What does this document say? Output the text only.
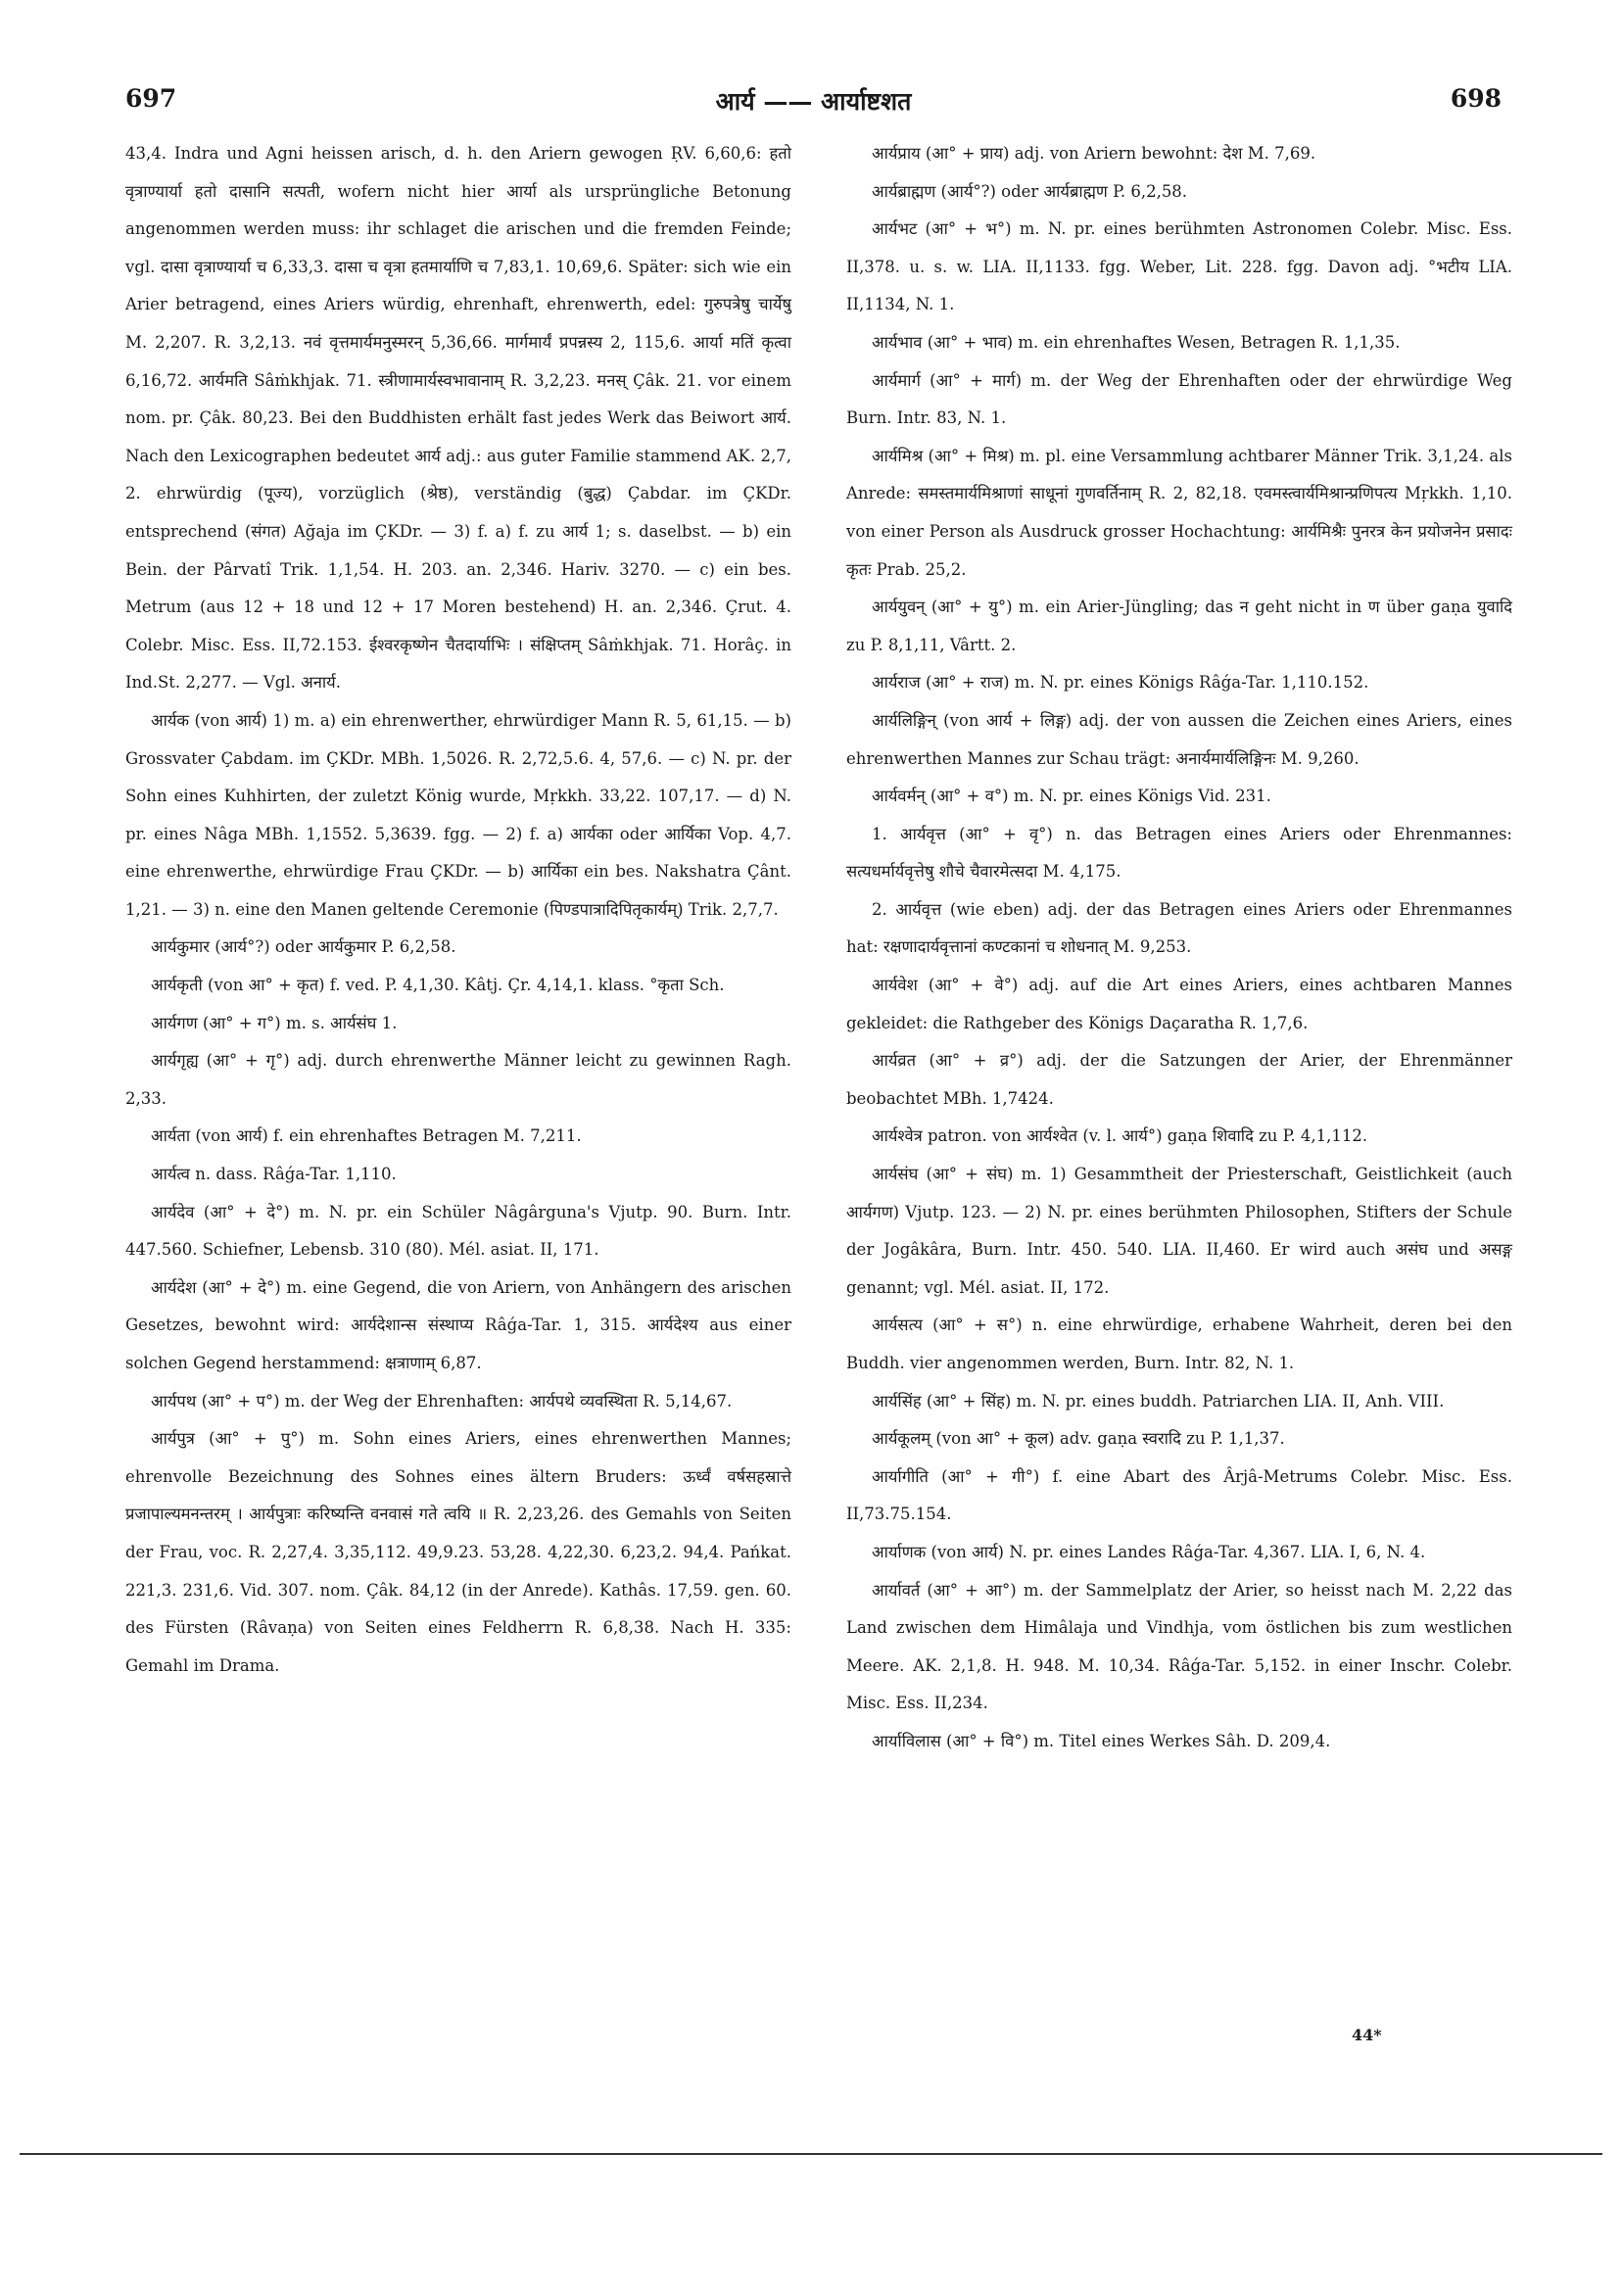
697	आर्य —— आर्याष्टशत	698

43,4. Indra und Agni heissen arisch, d. h. den Ariern gewogen ṚV. 6,60,6: हतो वृत्राण्यार्या हतो दासानि सत्पती, wofern nicht hier आर्या als ursprüngliche Betonung angenommen werden muss: ihr schlaget die arischen und die fremden Feinde; vgl. दासा वृत्राण्यार्या च 6,33,3. दासा च वृत्रा हतमार्याणि च 7,83,1. 10,69,6. Später: sich wie ein Arier betragend, eines Ariers würdig, ehrenhaft, ehrenwerth, edel: गुरुपत्रेषु चार्येषु M. 2,207. R. 3,2,13. नवं वृत्तमार्यमनुस्मरन् 5,36,66. मार्गमार्यं प्रपन्नस्य 2, 115,6. आर्या मतिं कृत्वा 6,16,72. आर्यमति Sâṁkhjak. 71. स्त्रीणामार्यस्वभावानाम् R. 3,2,23. मनस् Çâk. 21. vor einem nom. pr. Çâk. 80,23. Bei den Buddhisten erhält fast jedes Werk das Beiwort आर्य. Nach den Lexicographen bedeutet आर्य adj.: aus guter Familie stammend AK. 2,7, 2. ehrwürdig (पूज्य), vorzüglich (श्रेष्ठ), verständig (बुद्ध) Çabdar. im ÇKDr. entsprechend (संगत) Ağaja im ÇKDr. — 3) f. a) f. zu आर्य 1; s. daselbst. — b) ein Bein. der Pârvatî Trik. 1,1,54. H. 203. an. 2,346. Hariv. 3270. — c) ein bes. Metrum (aus 12 + 18 und 12 + 17 Moren bestehend) H. an. 2,346. Çrut. 4. Colebr. Misc. Ess. II,72.153. ईश्वरकृष्णेन चैतदार्याभिः । संक्षिप्तम् Sâṁkhjak. 71. Horâç. in Ind.St. 2,277. — Vgl. अनार्य.

आर्यक (von आर्य) 1) m. a) ein ehrenwerther, ehrwürdiger Mann R. 5, 61,15. — b) Grossvater Çabdam. im ÇKDr. MBh. 1,5026. R. 2,72,5.6. 4, 57,6. — c) N. pr. der Sohn eines Kuhhirten, der zuletzt König wurde, Mṛkkh. 33,22. 107,17. — d) N. pr. eines Nâga MBh. 1,1552. 5,3639. fgg. — 2) f. a) आर्यका oder आर्यिका Vop. 4,7. eine ehrenwerthe, ehrwürdige Frau ÇKDr. — b) आर्यिका ein bes. Nakshatra Çânt. 1,21. — 3) n. eine den Manen geltende Ceremonie (पिण्डपात्रादिपितृकार्यम्) Trik. 2,7,7.

आर्यकुमार (आर्य°?) oder आर्यकुमार P. 6,2,58.

आर्यकृती (von आ° + कृत) f. ved. P. 4,1,30. Kâtj. Çr. 4,14,1. klass. °कृता Sch.

आर्यगण (आ° + ग°) m. s. आर्यसंघ 1.

आर्यगृह्य (आ° + गृ°) adj. durch ehrenwerthe Männer leicht zu gewinnen Ragh. 2,33.

आर्यता (von आर्य) f. ein ehrenhaftes Betragen M. 7,211.

आर्यत्व n. dass. Râǵa-Tar. 1,110.

आर्यदेव (आ° + दे°) m. N. pr. ein Schüler Nâgârguna's Vjutp. 90. Burn. Intr. 447.560. Schiefner, Lebensb. 310 (80). Mél. asiat. II, 171.

आर्यदेश (आ° + दे°) m. eine Gegend, die von Ariern, von Anhängern des arischen Gesetzes, bewohnt wird: आर्यदेशान्स संस्थाप्य Râǵa-Tar. 1, 315. आर्यदेश्य aus einer solchen Gegend herstammend: क्षत्राणाम् 6,87.

आर्यपथ (आ° + प°) m. der Weg der Ehrenhaften: आर्यपथे व्यवस्थिता R. 5,14,67.

आर्यपुत्र (आ° + पु°) m. Sohn eines Ariers, eines ehrenwerthen Mannes; ehrenvolle Bezeichnung des Sohnes eines ältern Bruders: ऊर्ध्वं वर्षसहस्रात्ते प्रजापाल्यमनन्तरम् । आर्यपुत्राः करिष्यन्ति वनवासं गते त्वयि ॥ R. 2,23,26. des Gemahls von Seiten der Frau, voc. R. 2,27,4. 3,35,112. 49,9.23. 53,28. 4,22,30. 6,23,2. 94,4. Pańkat. 221,3. 231,6. Vid. 307. nom. Çâk. 84,12 (in der Anrede). Kathâs. 17,59. gen. 60. des Fürsten (Râvaṇa) von Seiten eines Feldherrn R. 6,8,38. Nach H. 335: Gemahl im Drama.

आर्यप्राय (आ° + प्राय) adj. von Ariern bewohnt: देश M. 7,69.

आर्यब्राह्मण (आर्य°?) oder आर्यब्राह्मण P. 6,2,58.

आर्यभट (आ° + भ°) m. N. pr. eines berühmten Astronomen Colebr. Misc. Ess. II,378. u. s. w. LIA. II,1133. fgg. Weber, Lit. 228. fgg. Davon adj. °भटीय LIA. II,1134, N. 1.

आर्यभाव (आ° + भाव) m. ein ehrenhaftes Wesen, Betragen R. 1,1,35.

आर्यमार्ग (आ° + मार्ग) m. der Weg der Ehrenhaften oder der ehrwürdige Weg Burn. Intr. 83, N. 1.

आर्यमिश्र (आ° + मिश्र) m. pl. eine Versammlung achtbarer Männer Trik. 3,1,24. als Anrede: समस्तमार्यमिश्राणां साधूनां गुणवर्तिनाम् R. 2, 82,18. एवमस्त्वार्यमिश्रान्प्रणिपत्य Mṛkkh. 1,10. von einer Person als Ausdruck grosser Hochachtung: आर्यमिश्रैः पुनरत्र केन प्रयोजनेन प्रसादः कृतः Prab. 25,2.

आर्ययुवन् (आ° + यु°) m. ein Arier-Jüngling; das न geht nicht in ण über gaṇa युवादि zu P. 8,1,11, Vârtt. 2.

आर्यराज (आ° + राज) m. N. pr. eines Königs Râǵa-Tar. 1,110.152.

आर्यलिङ्गिन् (von आर्य + लिङ्ग) adj. der von aussen die Zeichen eines Ariers, eines ehrenwerthen Mannes zur Schau trägt: अनार्यमार्यलिङ्गिनः M. 9,260.

आर्यवर्मन् (आ° + व°) m. N. pr. eines Königs Vid. 231.

1. आर्यवृत्त (आ° + वृ°) n. das Betragen eines Ariers oder Ehrenmannes: सत्यधर्मार्यवृत्तेषु शौचे चैवारमेत्सदा M. 4,175.

2. आर्यवृत्त (wie eben) adj. der das Betragen eines Ariers oder Ehrenmannes hat: रक्षणादार्यवृत्तानां कण्टकानां च शोधनात् M. 9,253.

आर्यवेश (आ° + वे°) adj. auf die Art eines Ariers, eines achtbaren Mannes gekleidet: die Rathgeber des Königs Daçaratha R. 1,7,6.

आर्यव्रत (आ° + व्र°) adj. der die Satzungen der Arier, der Ehrenmänner beobachtet MBh. 1,7424.

आर्यश्वेत्र patron. von आर्यश्वेत (v. l. आर्य°) gaṇa शिवादि zu P. 4,1,112.

आर्यसंघ (आ° + संघ) m. 1) Gesammtheit der Priesterschaft, Geistlichkeit (auch आर्यगण) Vjutp. 123. — 2) N. pr. eines berühmten Philosophen, Stifters der Schule der Jogâkâra, Burn. Intr. 450. 540. LIA. II,460. Er wird auch असंघ und असङ्ग genannt; vgl. Mél. asiat. II, 172.

आर्यसत्य (आ° + स°) n. eine ehrwürdige, erhabene Wahrheit, deren bei den Buddh. vier angenommen werden, Burn. Intr. 82, N. 1.

आर्यसिंह (आ° + सिंह) m. N. pr. eines buddh. Patriarchen LIA. II, Anh. VIII.

आर्यकूलम् (von आ° + कूल) adv. gaṇa स्वरादि zu P. 1,1,37.

आर्यागीति (आ° + गी°) f. eine Abart des Ârjâ-Metrums Colebr. Misc. Ess. II,73.75.154.

आर्याणक (von आर्य) N. pr. eines Landes Râǵa-Tar. 4,367. LIA. I, 6, N. 4.

आर्यावर्त (आ° + आ°) m. der Sammelplatz der Arier, so heisst nach M. 2,22 das Land zwischen dem Himâlaja und Vindhja, vom östlichen bis zum westlichen Meere. AK. 2,1,8. H. 948. M. 10,34. Râǵa-Tar. 5,152. in einer Inschr. Colebr. Misc. Ess. II,234.

आर्याविलास (आ° + वि°) m. Titel eines Werkes Sâh. D. 209,4.

44*
